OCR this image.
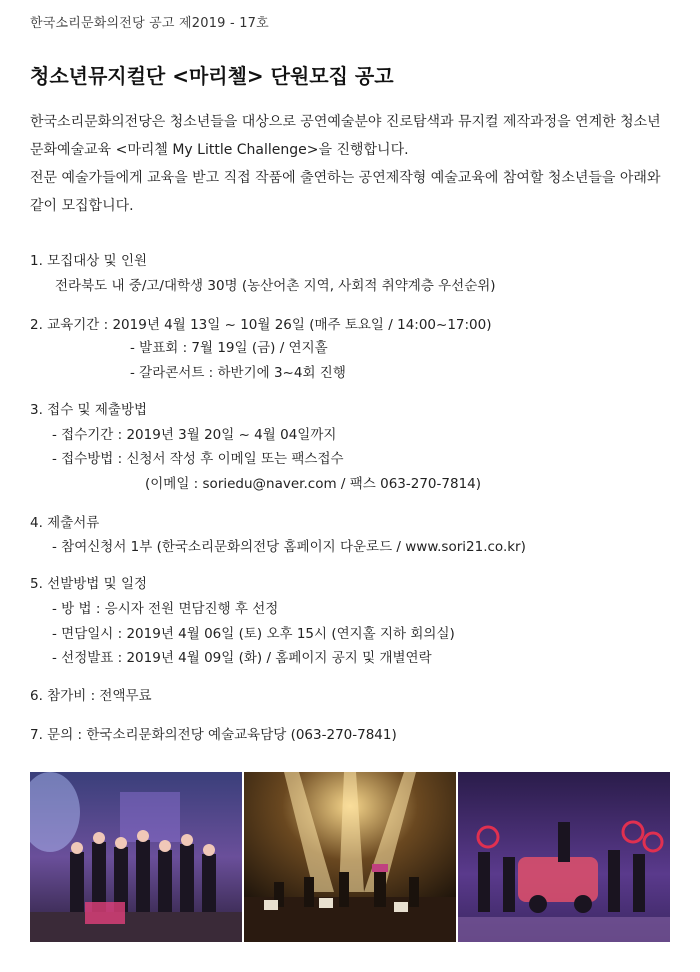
한국소리문화의전당 공고 제2019 - 17호
청소년뮤지컬단 <마리첼> 단원모집 공고

한국소리문화의전당은 청소년들을 대상으로 공연예술분야 진로탐색과 뮤지컬 제작과정을 연계한 청소년 문화예술교육 <마리첼 My Little Challenge>을 진행합니다.

전문 예술가들에게 교육을 받고 직접 작품에 출연하는 공연제작형 예술교육에 참여할 청소년들을 아래와 같이 모집합니다.

1. 모집대상 및 인원
전라북도 내 중/고/대학생 30명 (농산어촌 지역, 사회적 취약계층 우선순위)
2. 교육기간 : 2019년 4월 13일 ~ 10월 26일 (매주 토요일 / 14:00~17:00)
- 발표회 : 7월 19일 (금) / 연지홀
- 갈라콘서트 : 하반기에 3~4회 진행
3. 접수 및 제출방법
- 접수기간 : 2019년 3월 20일 ~ 4월 04일까지
- 접수방법 : 신청서 작성 후 이메일 또는 팩스접수
(이메일 : soriedu@naver.com / 팩스 063-270-7814)
4. 제출서류
- 참여신청서 1부 (한국소리문화의전당 홈페이지 다운로드 / www.sori21.co.kr)
5. 선발방법 및 일정
- 방 법 : 응시자 전원 면담진행 후 선정
- 면담일시 : 2019년 4월 06일 (토) 오후 15시 (연지홀 지하 회의실)
- 선정발표 : 2019년 4월 09일 (화) / 홈페이지 공지 및 개별연락
6. 참가비 : 전액무료
7. 문의 : 한국소리문화의전당 예술교육담당 (063-270-7841)
